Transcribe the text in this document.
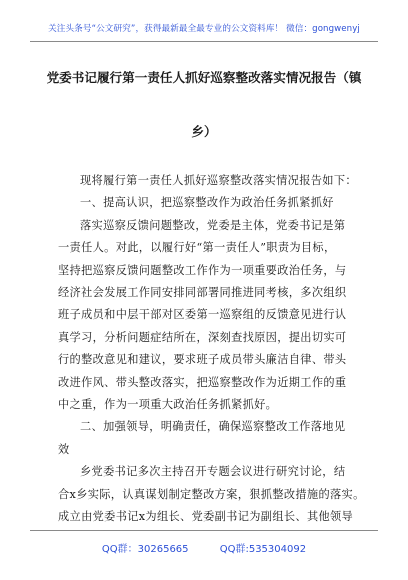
关注头条号“公文研究”，获得最新最全最专业的公文资料库！ 微信：gongwenyj
党委书记履行第一责任人抓好巡察整改落实情况报告（镇
乡）
现将履行第一责任人抓好巡察整改落实情况报告如下：
一、提高认识，把巡察整改作为政治任务抓紧抓好
落实巡察反馈问题整改，党委是主体，党委书记是第
一责任人。对此，以履行好“第一责任人”职责为目标，
坚持把巡察反馈问题整改工作作为一项重要政治任务，与
经济社会发展工作同安排同部署同推进同考核，多次组织
班子成员和中层干部对区委第一巡察组的反馈意见进行认
真学习，分析问题症结所在，深刻查找原因，提出切实可
行的整改意见和建议，要求班子成员带头廉洁自律、带头
改进作风、带头整改落实，把巡察整改作为近期工作的重
中之重，作为一项重大政治任务抓紧抓好。
二、加强领导，明确责任，确保巡察整改工作落地见
效
乡党委书记多次主持召开专题会议进行研究讨论，结
合x乡实际，认真谋划制定整改方案，狠抓整改措施的落实。
成立由党委书记x为组长、党委副书记为副组长、其他领导
QQ群：30265665	QQ群:535304092
